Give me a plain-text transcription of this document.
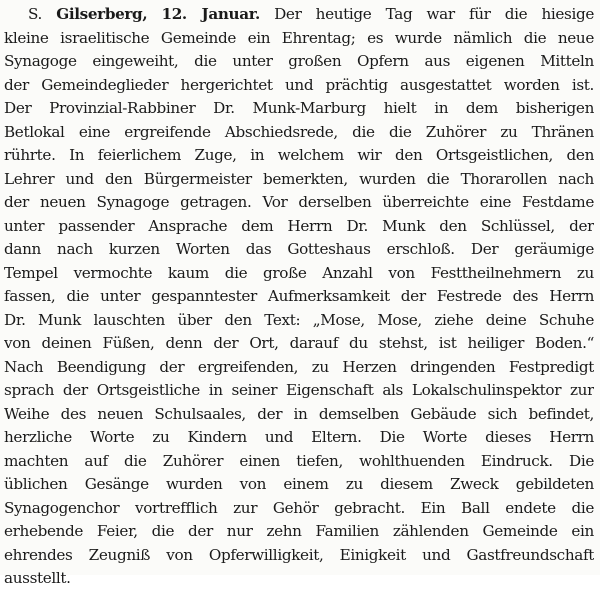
S. Gilserberg, 12. Januar. Der heutige Tag war für die hiesige
kleine israelitische Gemeinde ein Ehrentag; es wurde nämlich die neue
Synagoge eingeweiht, die unter großen Opfern aus eigenen Mitteln
der Gemeindeglieder hergerichtet und prächtig ausgestattet worden ist.
Der Provinzial-Rabbiner Dr. Munk-Marburg hielt in dem bisherigen
Betlokal eine ergreifende Abschiedsrede, die die Zuhörer zu Thränen
rührte. In feierlichem Zuge, in welchem wir den Ortsgeistlichen, den
Lehrer und den Bürgermeister bemerkten, wurden die Thorarollen nach
der neuen Synagoge getragen. Vor derselben überreichte eine Festdame
unter passender Ansprache dem Herrn Dr. Munk den Schlüssel, der
dann nach kurzen Worten das Gotteshaus erschloß. Der geräumige
Tempel vermochte kaum die große Anzahl von Festtheilnehmern zu
fassen, die unter gespanntester Aufmerksamkeit der Festrede des Herrn
Dr. Munk lauschten über den Text: „Mose, Mose, ziehe deine Schuhe
von deinen Füßen, denn der Ort, darauf du stehst, ist heiliger Boden.“
Nach Beendigung der ergreifenden, zu Herzen dringenden Festpredigt
sprach der Ortsgeistliche in seiner Eigenschaft als Lokalschulinspektor zur
Weihe des neuen Schulsaales, der in demselben Gebäude sich befindet,
herzliche Worte zu Kindern und Eltern. Die Worte dieses Herrn
machten auf die Zuhörer einen tiefen, wohlthuenden Eindruck. Die
üblichen Gesänge wurden von einem zu diesem Zweck gebildeten
Synagogenchor vortrefflich zur Gehör gebracht. Ein Ball endete die
erhebende Feier, die der nur zehn Familien zählenden Gemeinde ein
ehrendes Zeugniß von Opferwilligkeit, Einigkeit und Gastfreundschaft
ausstellt.
